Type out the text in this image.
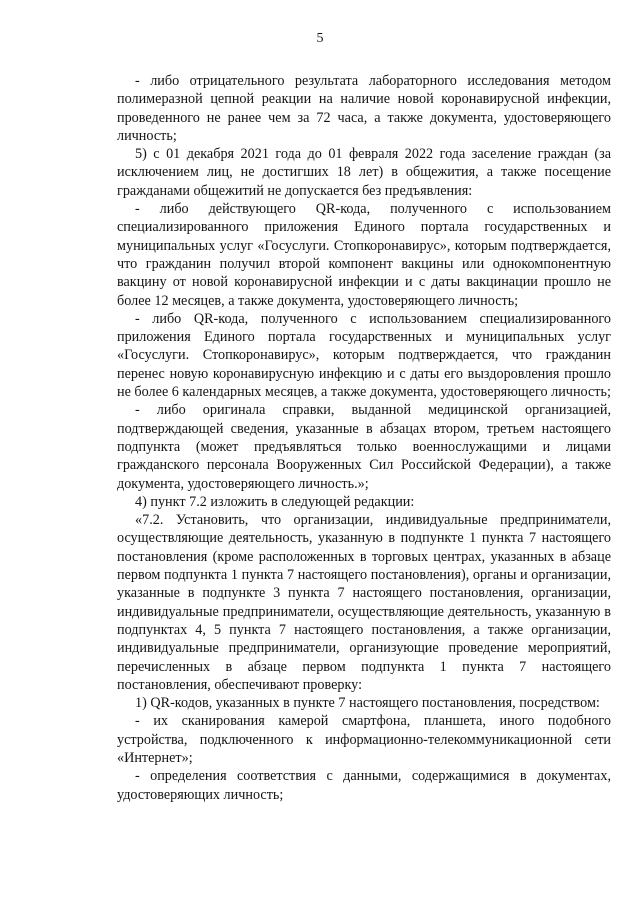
5

- либо отрицательного результата лабораторного исследования методом полимеразной цепной реакции на наличие новой коронавирусной инфекции, проведенного не ранее чем за 72 часа, а также документа, удостоверяющего личность;

5) с 01 декабря 2021 года до 01 февраля 2022 года заселение граждан (за исключением лиц, не достигших 18 лет) в общежития, а также посещение гражданами общежитий не допускается без предъявления:

- либо действующего QR-кода, полученного с использованием специализированного приложения Единого портала государственных и муниципальных услуг «Госуслуги. Стопкоронавирус», которым подтверждается, что гражданин получил второй компонент вакцины или однокомпонентную вакцину от новой коронавирусной инфекции и с даты вакцинации прошло не более 12 месяцев, а также документа, удостоверяющего личность;

- либо QR-кода, полученного с использованием специализированного приложения Единого портала государственных и муниципальных услуг «Госуслуги. Стопкоронавирус», которым подтверждается, что гражданин перенес новую коронавирусную инфекцию и с даты его выздоровления прошло не более 6 календарных месяцев, а также документа, удостоверяющего личность;

- либо оригинала справки, выданной медицинской организацией, подтверждающей сведения, указанные в абзацах втором, третьем настоящего подпункта (может предъявляться только военнослужащими и лицами гражданского персонала Вооруженных Сил Российской Федерации), а также документа, удостоверяющего личность.»;

4) пункт 7.2 изложить в следующей редакции:

«7.2. Установить, что организации, индивидуальные предприниматели, осуществляющие деятельность, указанную в подпункте 1 пункта 7 настоящего постановления (кроме расположенных в торговых центрах, указанных в абзаце первом подпункта 1 пункта 7 настоящего постановления), органы и организации, указанные в подпункте 3 пункта 7 настоящего постановления, организации, индивидуальные предприниматели, осуществляющие деятельность, указанную в подпунктах 4, 5 пункта 7 настоящего постановления, а также организации, индивидуальные предприниматели, организующие проведение мероприятий, перечисленных в абзаце первом подпункта 1 пункта 7 настоящего постановления, обеспечивают проверку:

1) QR-кодов, указанных в пункте 7 настоящего постановления, посредством:

- их сканирования камерой смартфона, планшета, иного подобного устройства, подключенного к информационно-телекоммуникационной сети «Интернет»;

- определения соответствия с данными, содержащимися в документах, удостоверяющих личность;
